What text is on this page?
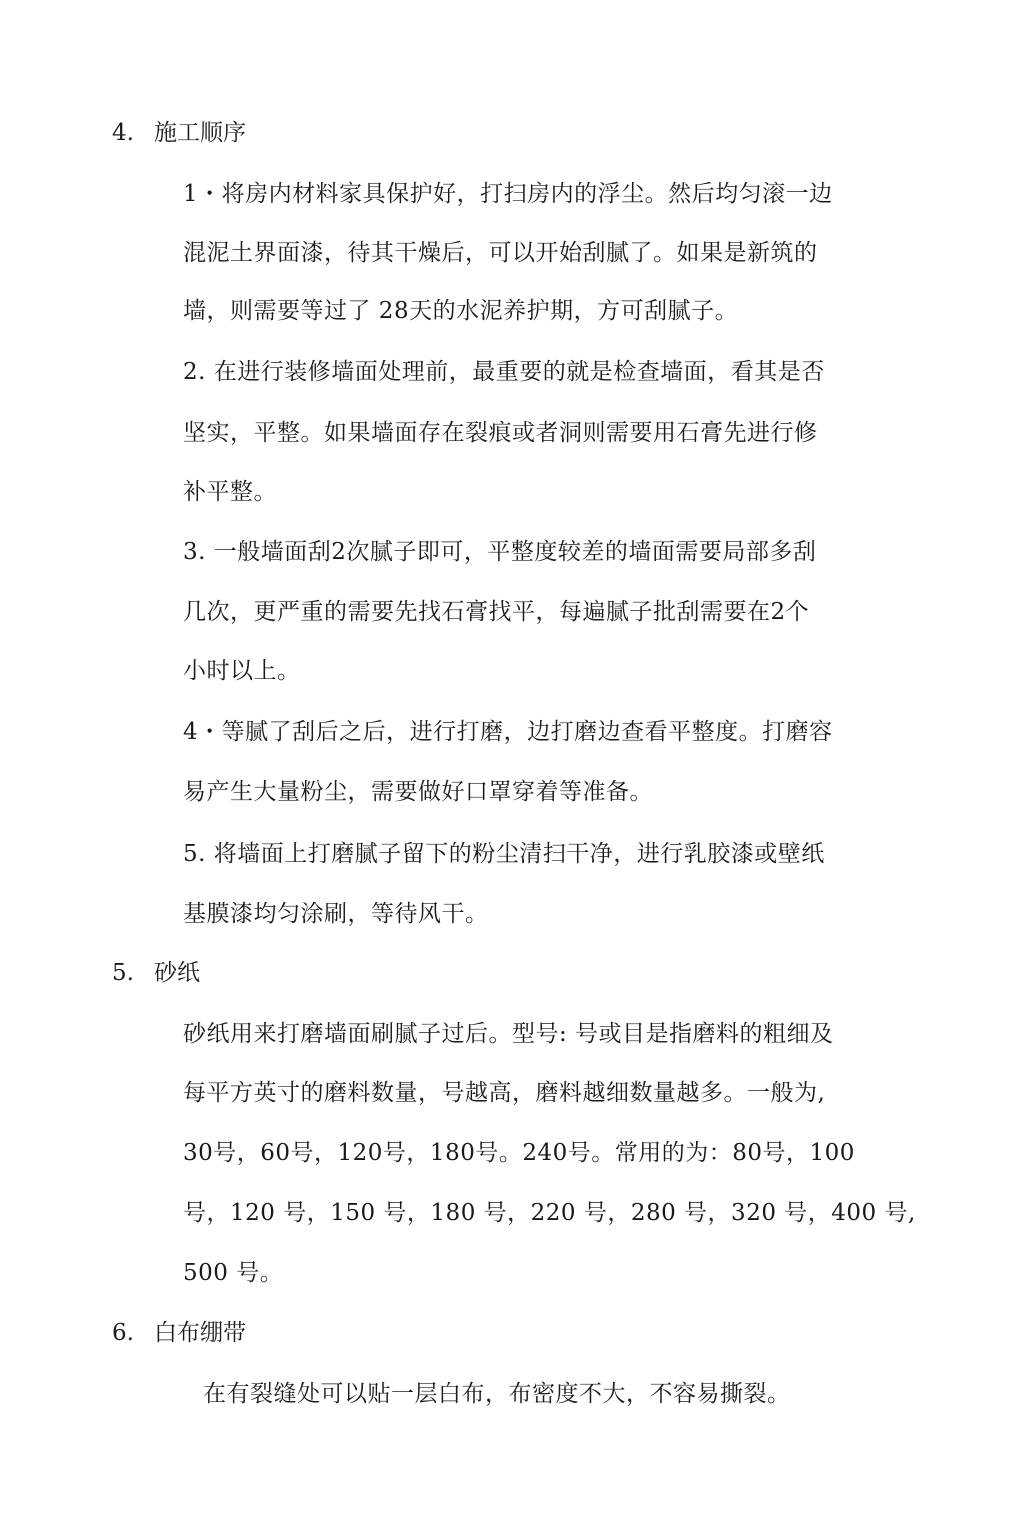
4. 施工顺序
1・将房内材料家具保护好，打扫房内的浮尘。然后均匀滚一边
混泥土界面漆，待其干燥后，可以开始刮腻了。如果是新筑的
墙，则需要等过了 28天的水泥养护期，方可刮腻子。
2. 在进行装修墙面处理前，最重要的就是检查墙面，看其是否
坚实，平整。如果墙面存在裂痕或者洞则需要用石膏先进行修
补平整。
3. 一般墙面刮2次腻子即可，平整度较差的墙面需要局部多刮
几次，更严重的需要先找石膏找平，每遍腻子批刮需要在2个
小时以上。
4・等腻了刮后之后，进行打磨，边打磨边查看平整度。打磨容
易产生大量粉尘，需要做好口罩穿着等准备。
5. 将墙面上打磨腻子留下的粉尘清扫干净，进行乳胶漆或壁纸
基膜漆均匀涂刷，等待风干。
5. 砂纸
砂纸用来打磨墙面刷腻子过后。型号: 号或目是指磨料的粗细及
每平方英寸的磨料数量，号越高，磨料越细数量越多。一般为,
30号，60号，120号，180号。240号。常用的为：80号，100
号，120 号，150 号，180 号，220 号，280 号，320 号，400 号,
500 号。
6. 白布绷带
在有裂缝处可以贴一层白布，布密度不大，不容易撕裂。
